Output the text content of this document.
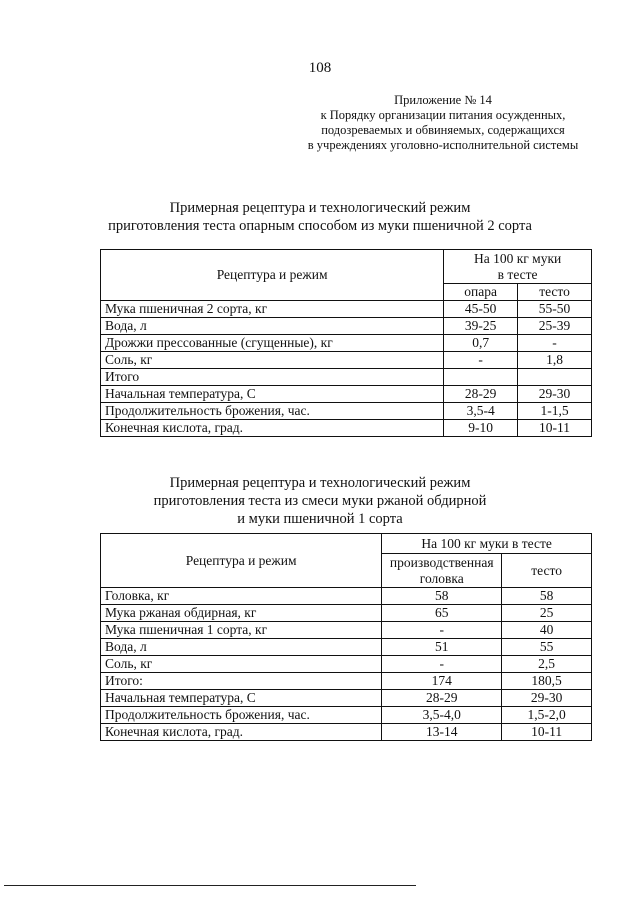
108
Приложение № 14
к Порядку организации питания осужденных,
подозреваемых и обвиняемых, содержащихся
в учреждениях уголовно-исполнительной системы
Примерная рецептура и технологический режим
приготовления теста опарным способом из муки пшеничной 2 сорта
Рецептура и режим	На 100 кг муки
в тесте	

	опара	тесто
Мука пшеничная 2 сорта, кг	45-50	55-50
Вода, л	39-25	25-39
Дрожжи прессованные (сгущенные), кг	0,7	-
Соль, кг	-	1,8
Итого		
Начальная температура, С	28-29	29-30
Продолжительность брожения, час.	3,5-4	1-1,5
Конечная кислота, град.	9-10	10-11
Примерная рецептура и технологический режим
приготовления теста из смеси муки ржаной обдирной
и муки пшеничной 1 сорта
Рецептура и режим	На 100 кг муки в тесте	

	производственная
головка	тесто
Головка, кг	58	58
Мука ржаная обдирная, кг	65	25
Мука пшеничная 1 сорта, кг	-	40
Вода, л	51	55
Соль, кг	-	2,5
Итого:	174	180,5
Начальная температура, С	28-29	29-30
Продолжительность брожения, час.	3,5-4,0	1,5-2,0
Конечная кислота, град.	13-14	10-11
